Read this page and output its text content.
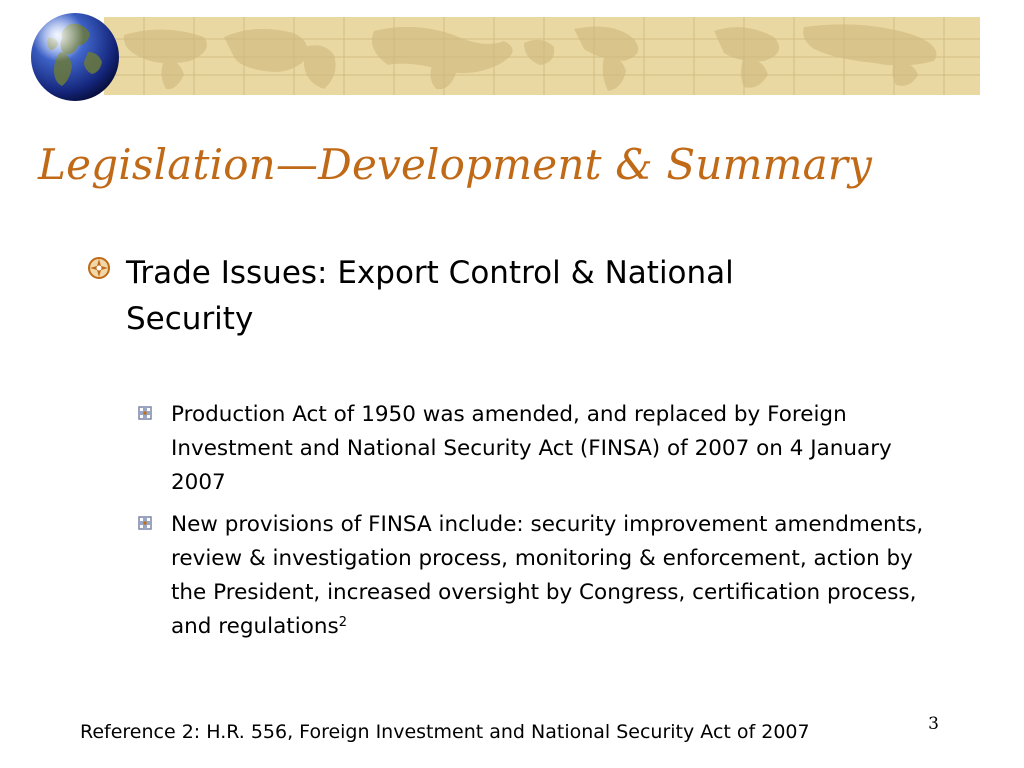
Legislation—Development & Summary
Trade Issues: Export Control & National Security
Production Act of 1950 was amended, and replaced by Foreign Investment and National Security Act (FINSA) of 2007 on 4 January 2007
New provisions of FINSA include: security improvement amendments, review & investigation process, monitoring & enforcement, action by the President, increased oversight by Congress, certification process, and regulations$^2$
3
Reference 2: H.R. 556, Foreign Investment and National Security Act of 2007
